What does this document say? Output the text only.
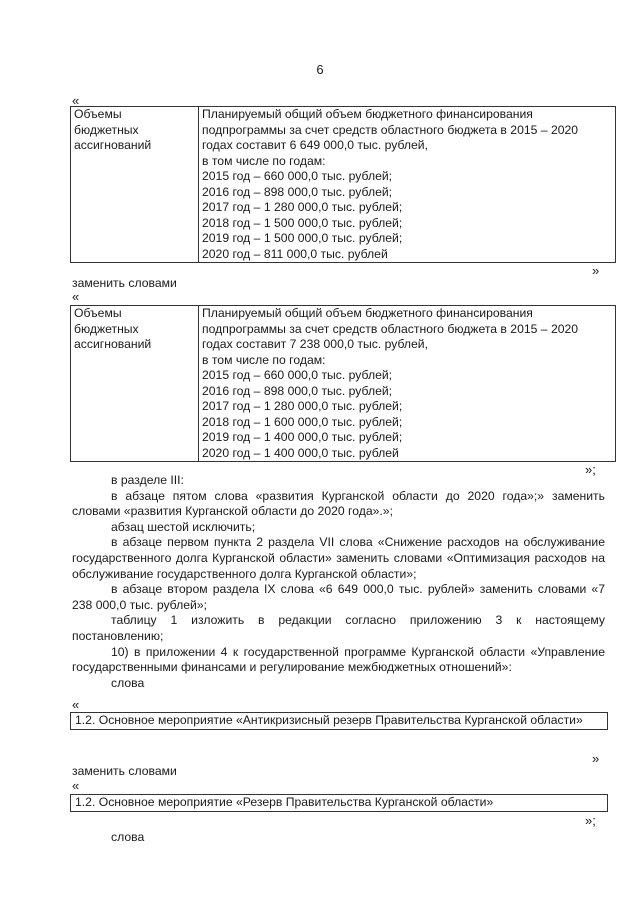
6
«
Объемы
бюджетных
ассигнований

Планируемый общий объем бюджетного финансирования
подпрограммы за счет средств областного бюджета в 2015 – 2020
годах составит 6 649 000,0 тыс. рублей,
в том числе по годам:
2015 год – 660 000,0 тыс. рублей;
2016 год – 898 000,0 тыс. рублей;
2017 год – 1 280 000,0 тыс. рублей;
2018 год – 1 500 000,0 тыс. рублей;
2019 год – 1 500 000,0 тыс. рублей;
2020 год – 811 000,0 тыс. рублей
»
заменить словами
«
Объемы
бюджетных
ассигнований

Планируемый общий объем бюджетного финансирования
подпрограммы за счет средств областного бюджета в 2015 – 2020
годах составит 7 238 000,0 тыс. рублей,
в том числе по годам:
2015 год – 660 000,0 тыс. рублей;
2016 год – 898 000,0 тыс. рублей;
2017 год – 1 280 000,0 тыс. рублей;
2018 год – 1 600 000,0 тыс. рублей;
2019 год – 1 400 000,0 тыс. рублей;
2020 год – 1 400 000,0 тыс. рублей
»;
в разделе III:
в абзаце пятом слова «развития Курганской области до 2020 года»;» заменить словами «развития Курганской области до 2020 года».»;
абзац шестой исключить;
в абзаце первом пункта 2 раздела VII слова «Снижение расходов на обслуживание государственного долга Курганской области» заменить словами «Оптимизация расходов на обслуживание государственного долга Курганской области»;
в абзаце втором раздела IX слова «6 649 000,0 тыс. рублей» заменить словами «7 238 000,0 тыс. рублей»;
таблицу 1 изложить в редакции согласно приложению 3 к настоящему постановлению;
10) в приложении 4 к государственной программе Курганской области «Управление государственными финансами и регулирование межбюджетных отношений»:
слова
«
1.2. Основное мероприятие «Антикризисный резерв Правительства Курганской области»
»
заменить словами
«
1.2. Основное мероприятие «Резерв Правительства Курганской области»
»;
слова
